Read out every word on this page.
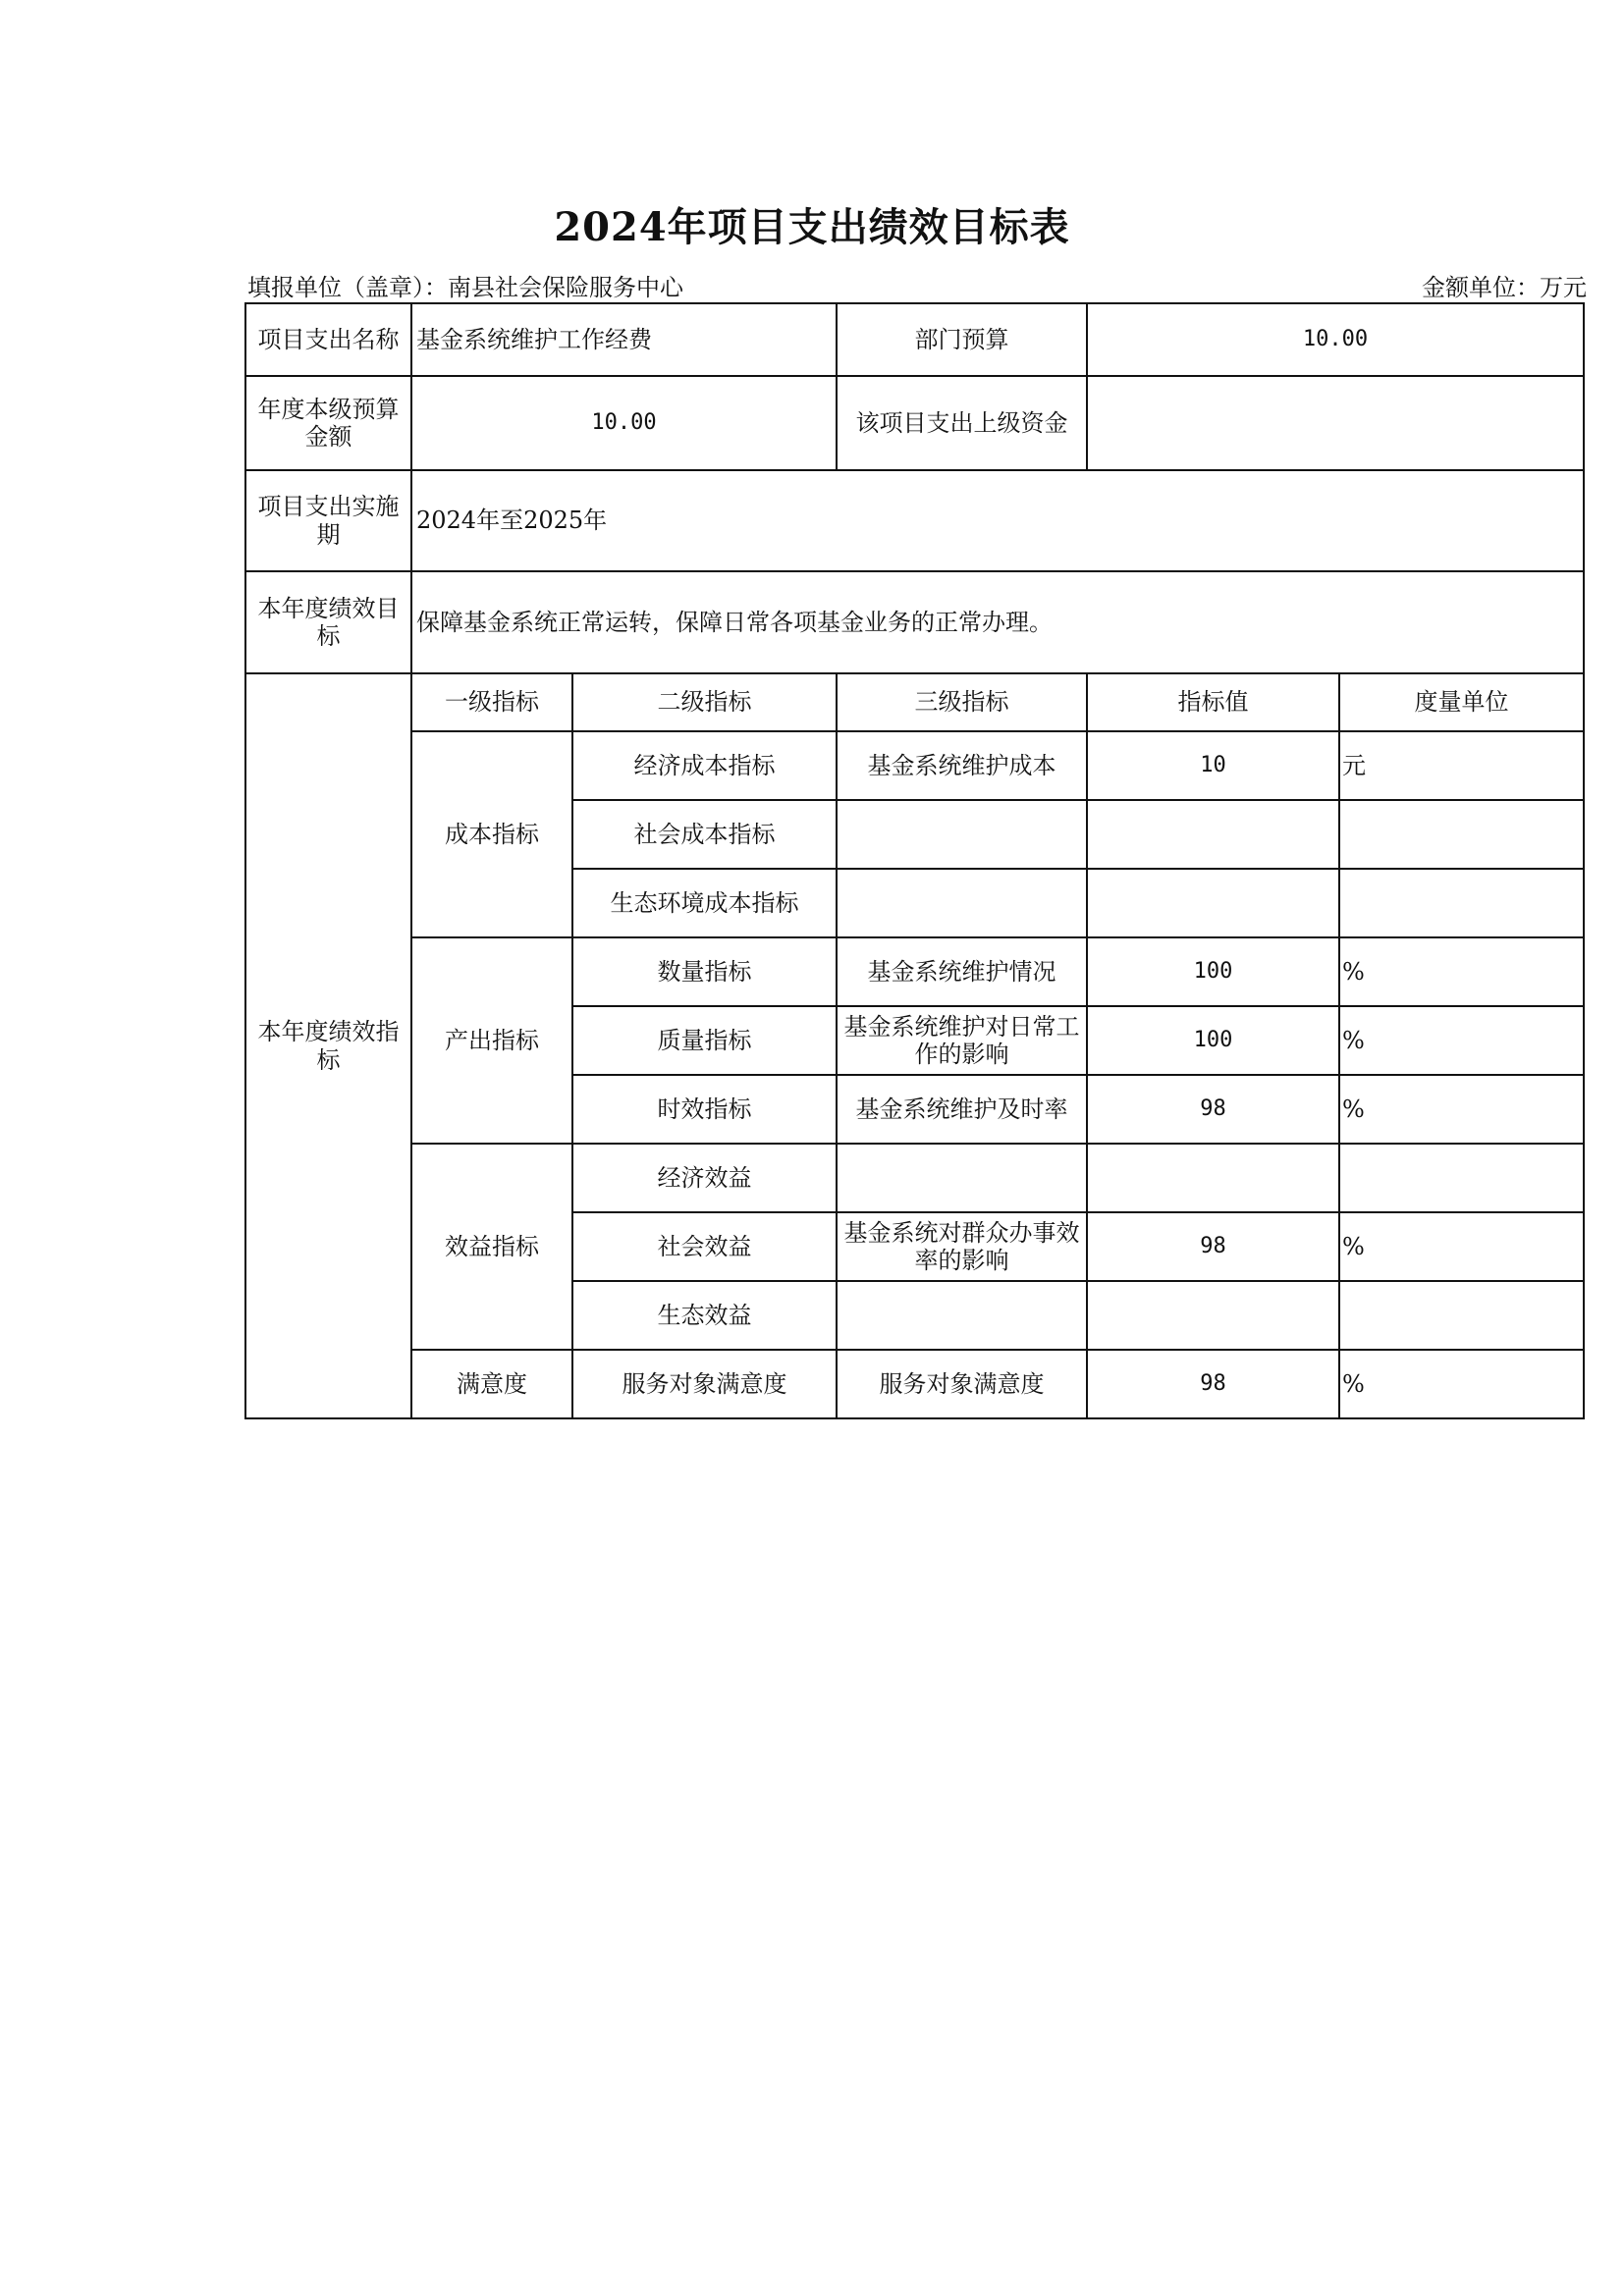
2024年项目支出绩效目标表
填报单位（盖章）：南县社会保险服务中心	金额单位：万元
项目支出名称	基金系统维护工作经费		部门预算	10.00	
年度本级预算金额	10.00		该项目支出上级资金		
项目支出实施期	2024年至2025年				
本年度绩效目标	保障基金系统正常运转，保障日常各项基金业务的正常办理。				
本年度绩效指标	一级指标	二级指标	三级指标	指标值	度量单位
	成本指标	经济成本指标	基金系统维护成本	10	元
		社会成本指标			
		生态环境成本指标			
	产出指标	数量指标	基金系统维护情况	100	%
		质量指标	基金系统维护对日常工作的影响	100	%
		时效指标	基金系统维护及时率	98	%
	效益指标	经济效益			
		社会效益	基金系统对群众办事效率的影响	98	%
		生态效益			
	满意度	服务对象满意度	服务对象满意度	98	%
